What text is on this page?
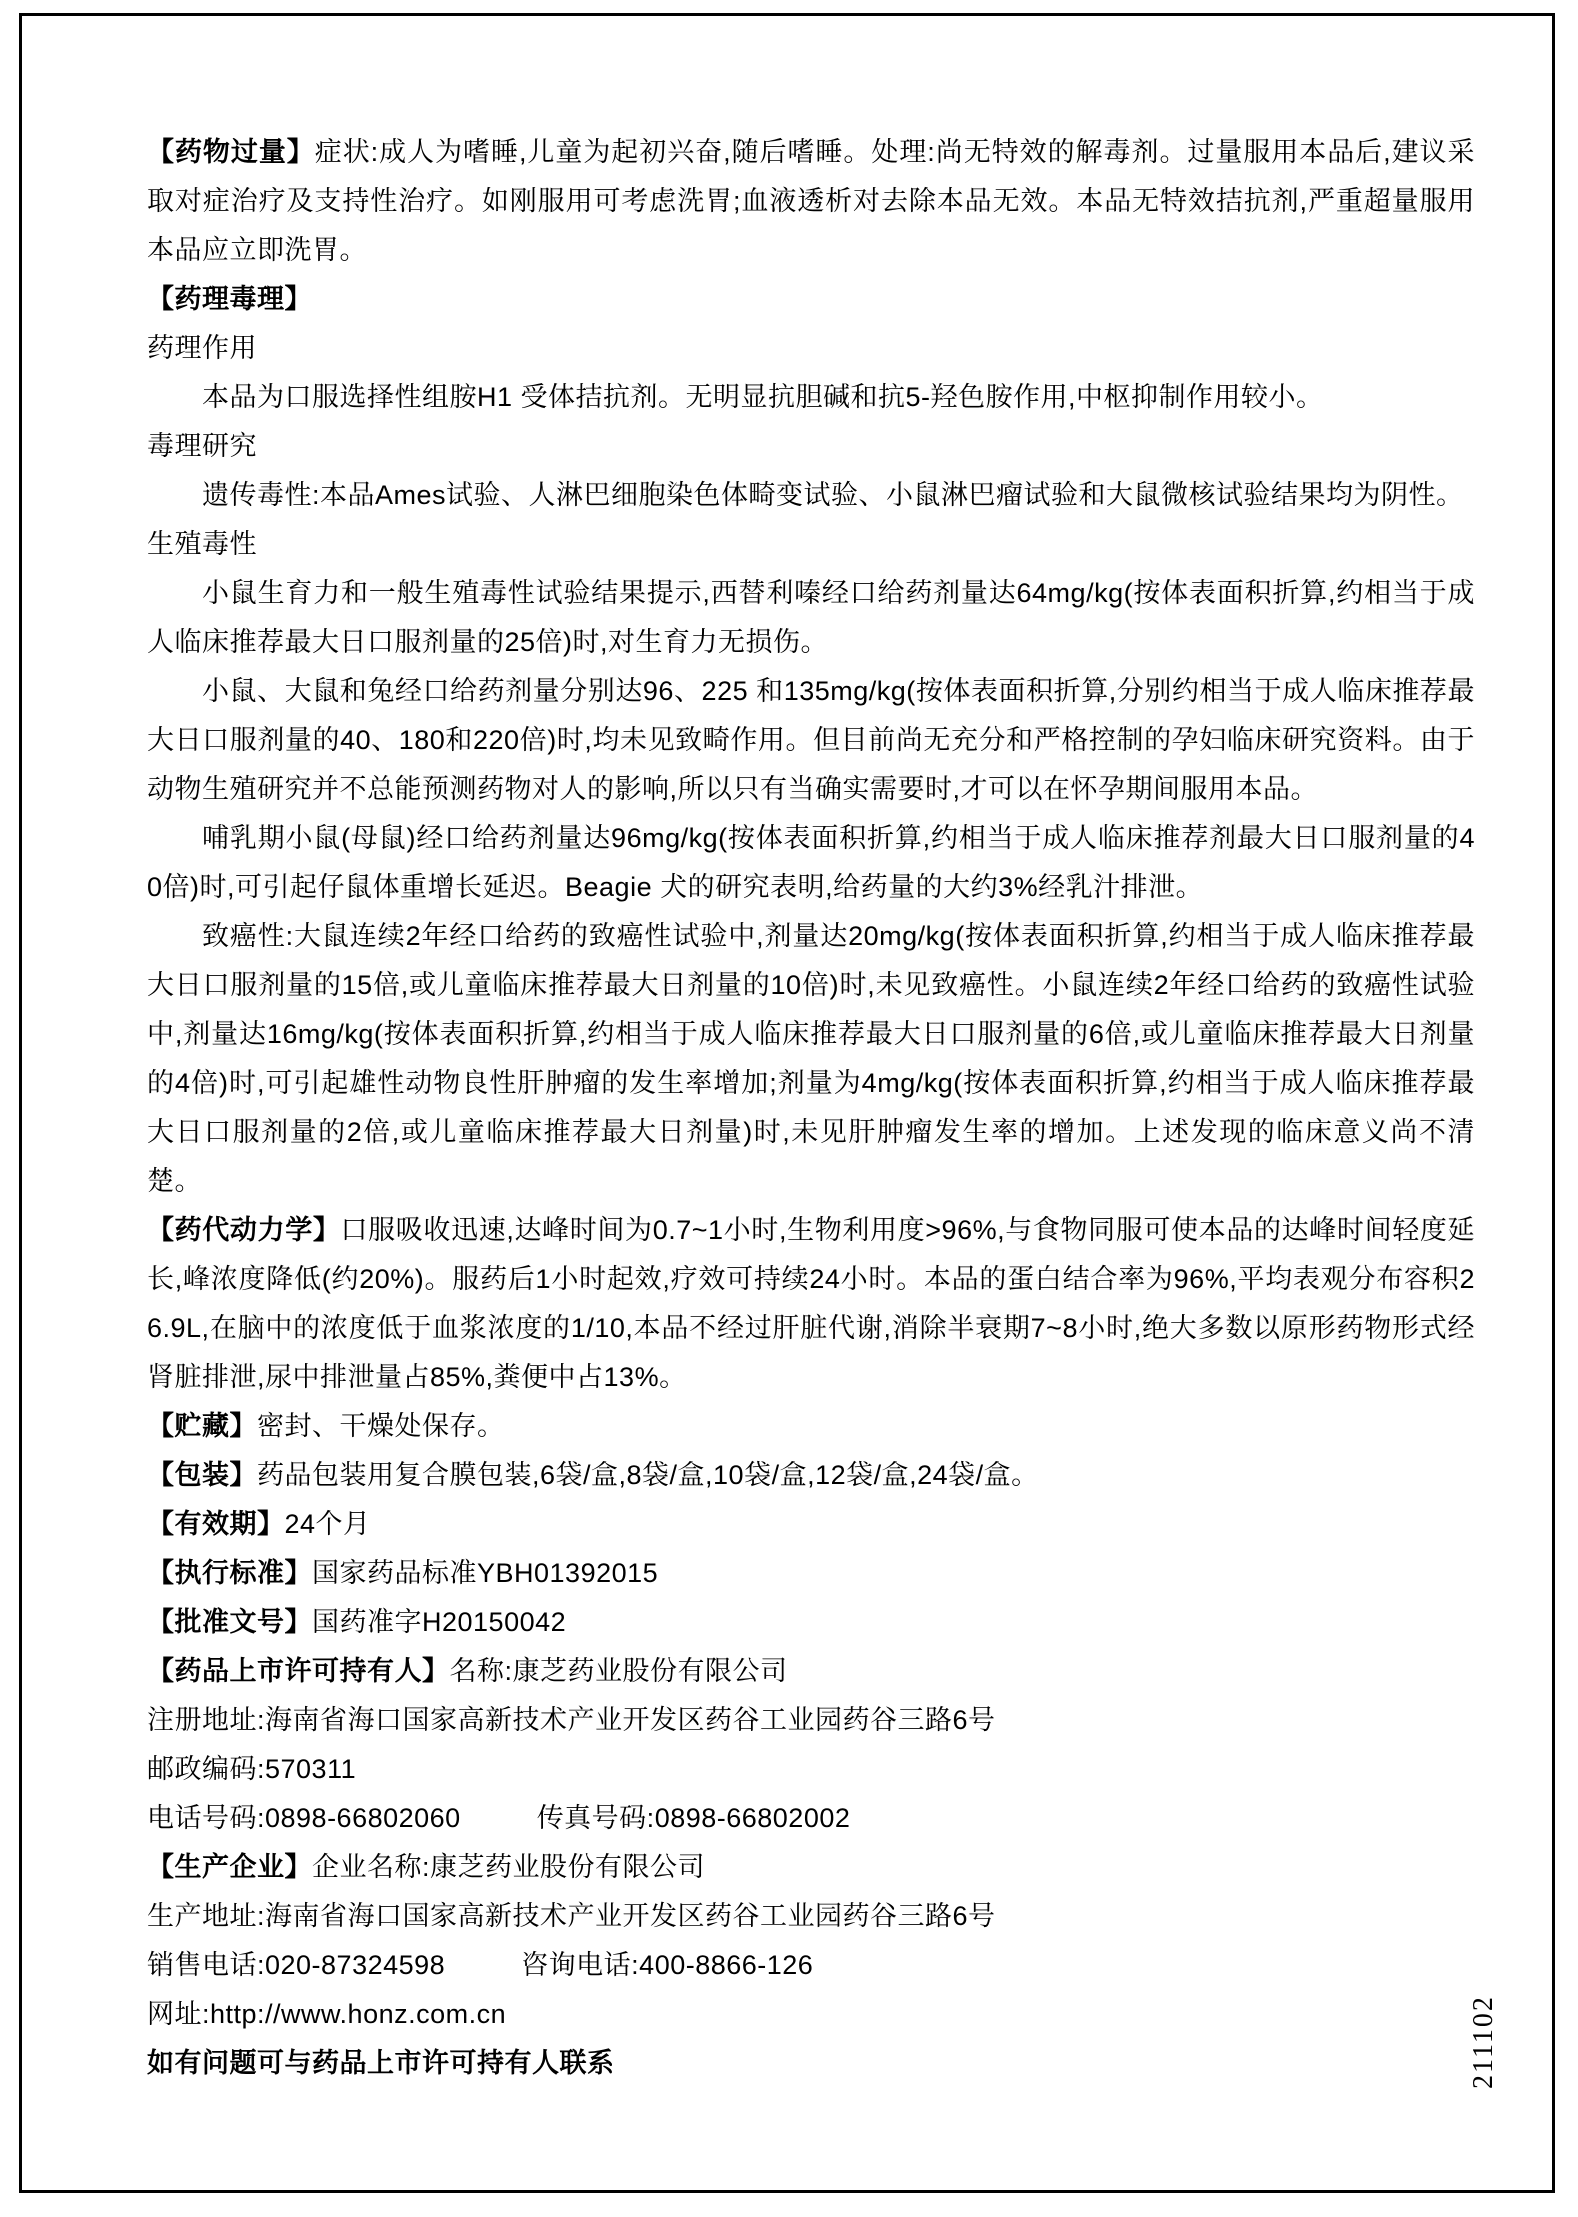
【药物过量】症状:成人为嗜睡,儿童为起初兴奋,随后嗜睡。处理:尚无特效的解毒剂。过量服用本品后,建议采取对症治疗及支持性治疗。如刚服用可考虑洗胃;血液透析对去除本品无效。本品无特效拮抗剂,严重超量服用本品应立即洗胃。

【药理毒理】

药理作用

本品为口服选择性组胺H1 受体拮抗剂。无明显抗胆碱和抗5-羟色胺作用,中枢抑制作用较小。

毒理研究

遗传毒性:本品Ames试验、人淋巴细胞染色体畸变试验、小鼠淋巴瘤试验和大鼠微核试验结果均为阴性。

生殖毒性

小鼠生育力和一般生殖毒性试验结果提示,西替利嗪经口给药剂量达64mg/kg(按体表面积折算,约相当于成人临床推荐最大日口服剂量的25倍)时,对生育力无损伤。

小鼠、大鼠和兔经口给药剂量分别达96、225 和135mg/kg(按体表面积折算,分别约相当于成人临床推荐最大日口服剂量的40、180和220倍)时,均未见致畸作用。但目前尚无充分和严格控制的孕妇临床研究资料。由于动物生殖研究并不总能预测药物对人的影响,所以只有当确实需要时,才可以在怀孕期间服用本品。

哺乳期小鼠(母鼠)经口给药剂量达96mg/kg(按体表面积折算,约相当于成人临床推荐剂最大日口服剂量的40倍)时,可引起仔鼠体重增长延迟。Beagie 犬的研究表明,给药量的大约3%经乳汁排泄。

致癌性:大鼠连续2年经口给药的致癌性试验中,剂量达20mg/kg(按体表面积折算,约相当于成人临床推荐最大日口服剂量的15倍,或儿童临床推荐最大日剂量的10倍)时,未见致癌性。小鼠连续2年经口给药的致癌性试验中,剂量达16mg/kg(按体表面积折算,约相当于成人临床推荐最大日口服剂量的6倍,或儿童临床推荐最大日剂量的4倍)时,可引起雄性动物良性肝肿瘤的发生率增加;剂量为4mg/kg(按体表面积折算,约相当于成人临床推荐最大日口服剂量的2倍,或儿童临床推荐最大日剂量)时,未见肝肿瘤发生率的增加。上述发现的临床意义尚不清楚。

【药代动力学】口服吸收迅速,达峰时间为0.7~1小时,生物利用度>96%,与食物同服可使本品的达峰时间轻度延长,峰浓度降低(约20%)。服药后1小时起效,疗效可持续24小时。本品的蛋白结合率为96%,平均表观分布容积26.9L,在脑中的浓度低于血浆浓度的1/10,本品不经过肝脏代谢,消除半衰期7~8小时,绝大多数以原形药物形式经肾脏排泄,尿中排泄量占85%,粪便中占13%。

【贮藏】密封、干燥处保存。

【包装】药品包装用复合膜包装,6袋/盒,8袋/盒,10袋/盒,12袋/盒,24袋/盒。

【有效期】24个月

【执行标准】国家药品标准YBH01392015

【批准文号】国药准字H20150042

【药品上市许可持有人】名称:康芝药业股份有限公司

注册地址:海南省海口国家高新技术产业开发区药谷工业园药谷三路6号

邮政编码:570311

电话号码:0898-66802060	传真号码:0898-66802002

【生产企业】企业名称:康芝药业股份有限公司

生产地址:海南省海口国家高新技术产业开发区药谷工业园药谷三路6号

销售电话:020-87324598	咨询电话:400-8866-126

网址:http://www.honz.com.cn

如有问题可与药品上市许可持有人联系	211102
